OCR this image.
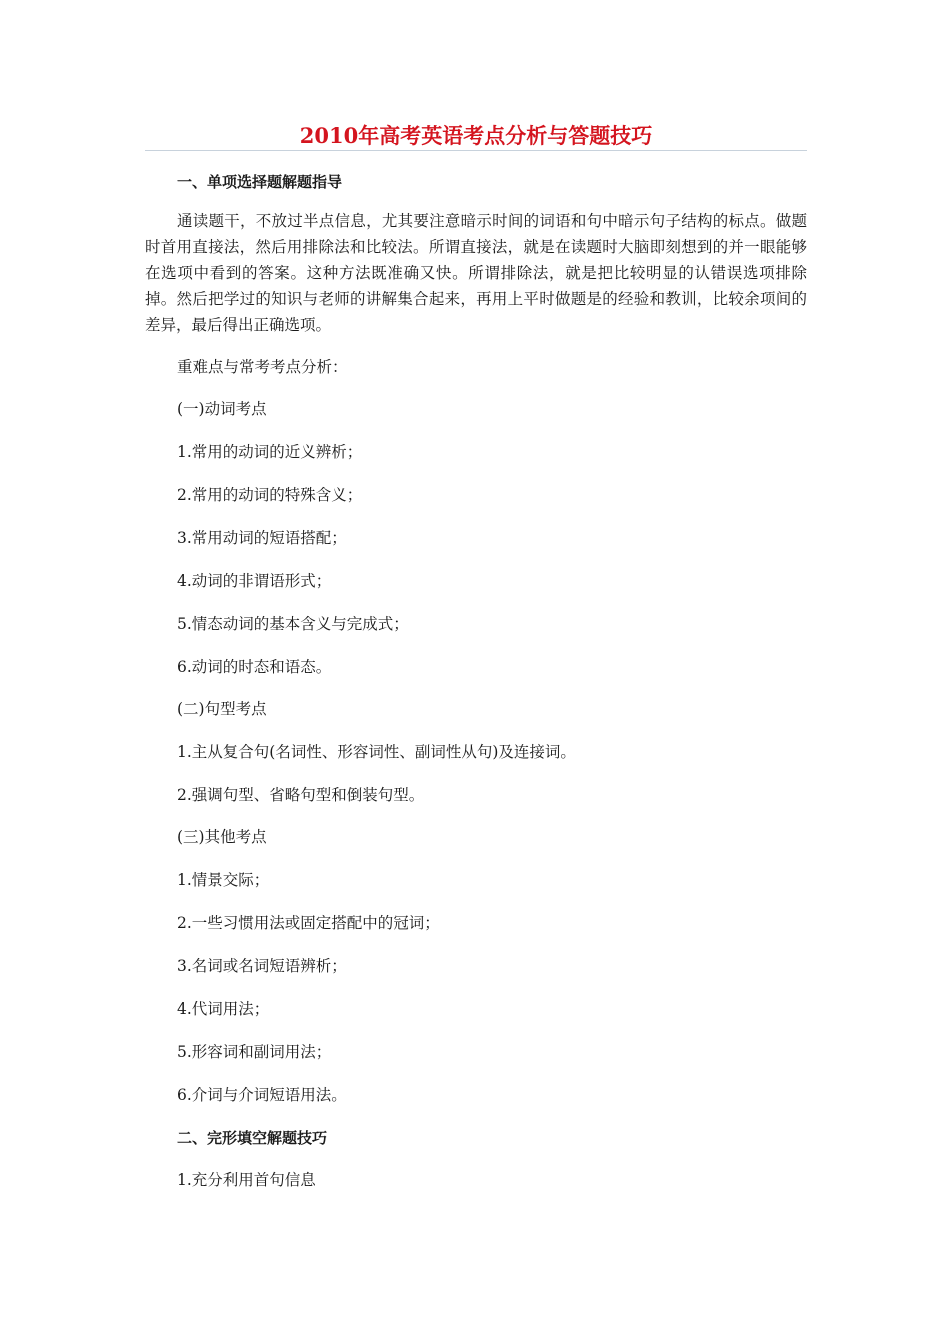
2010年高考英语考点分析与答题技巧

一、单项选择题解题指导

通读题干，不放过半点信息，尤其要注意暗示时间的词语和句中暗示句子结构的标点。做题时首用直接法，然后用排除法和比较法。所谓直接法，就是在读题时大脑即刻想到的并一眼能够在选项中看到的答案。这种方法既准确又快。所谓排除法，就是把比较明显的认错误选项排除掉。然后把学过的知识与老师的讲解集合起来，再用上平时做题是的经验和教训，比较余项间的差异，最后得出正确选项。

重难点与常考考点分析：

(一)动词考点

1.常用的动词的近义辨析；

2.常用的动词的特殊含义；

3.常用动词的短语搭配；

4.动词的非谓语形式；

5.情态动词的基本含义与完成式；

6.动词的时态和语态。

(二)句型考点

1.主从复合句(名词性、形容词性、副词性从句)及连接词。

2.强调句型、省略句型和倒装句型。

(三)其他考点

1.情景交际；

2.一些习惯用法或固定搭配中的冠词；

3.名词或名词短语辨析；

4.代词用法；

5.形容词和副词用法；

6.介词与介词短语用法。

二、完形填空解题技巧

1.充分利用首句信息
